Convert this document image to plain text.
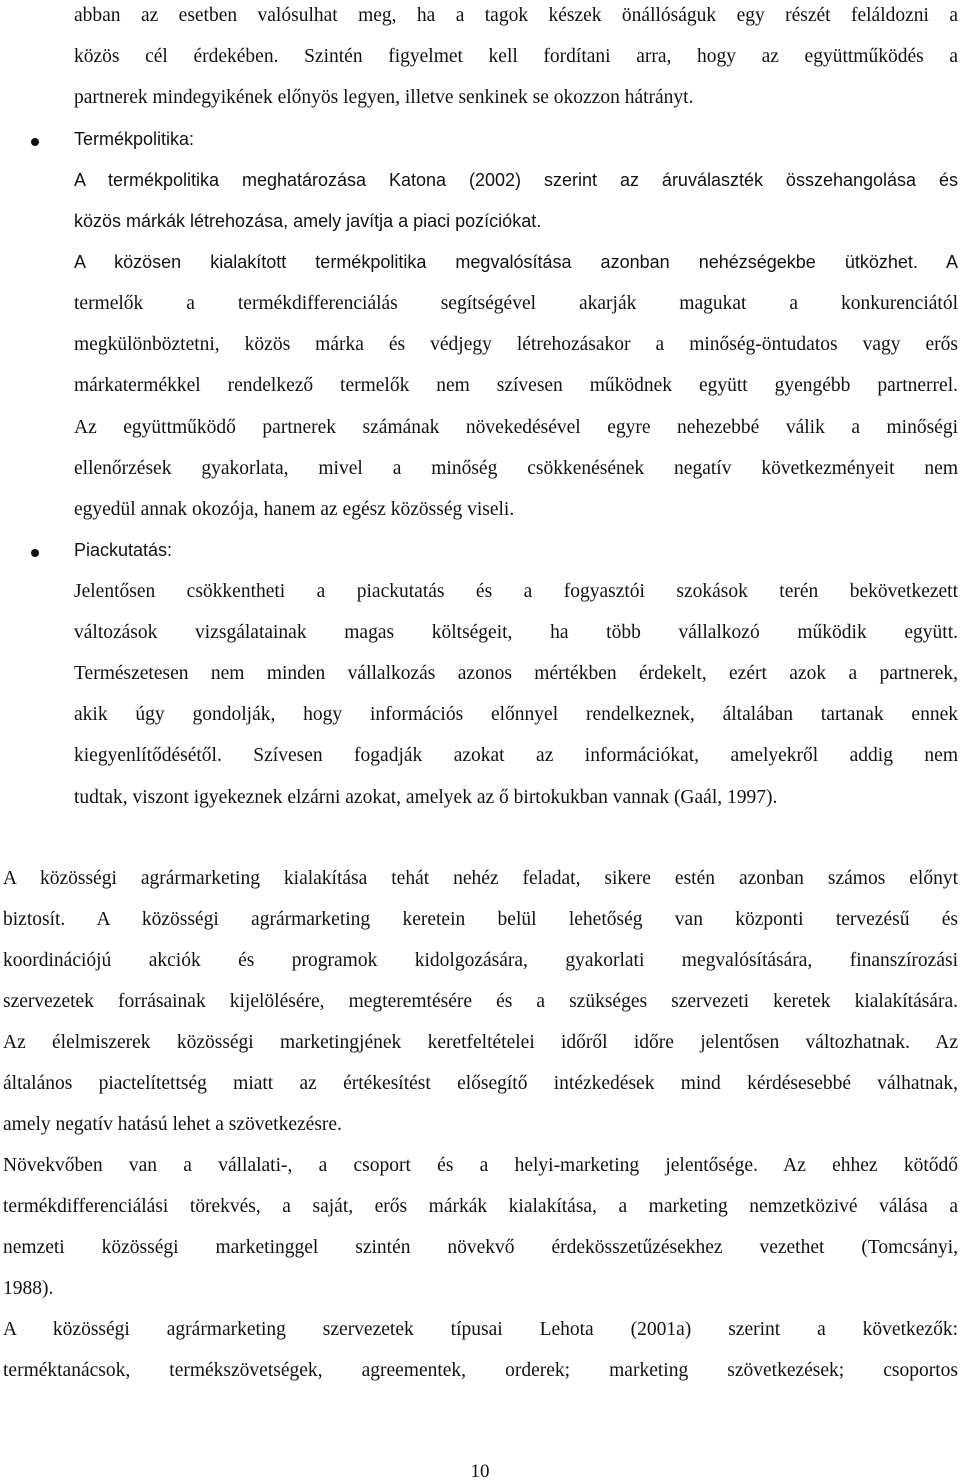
abban az esetben valósulhat meg, ha a tagok készek önállóságuk egy részét feláldozni a
közös cél érdekében. Szintén figyelmet kell fordítani arra, hogy az együttműködés a
partnerek mindegyikének előnyös legyen, illetve senkinek se okozzon hátrányt.
Termékpolitika:
A termékpolitika meghatározása Katona (2002) szerint az áruválaszték összehangolása és
közös márkák létrehozása, amely javítja a piaci pozíciókat.
A közösen kialakított termékpolitika megvalósítása azonban nehézségekbe ütközhet. A
termelők a termékdifferenciálás segítségével akarják magukat a konkurenciától
megkülönböztetni, közös márka és védjegy létrehozásakor a minőség-öntudatos vagy erős
márkatermékkel rendelkező termelők nem szívesen működnek együtt gyengébb partnerrel.
Az együttműködő partnerek számának növekedésével egyre nehezebbé válik a minőségi
ellenőrzések gyakorlata, mivel a minőség csökkenésének negatív következményeit nem
egyedül annak okozója, hanem az egész közösség viseli.
Piackutatás:
Jelentősen csökkentheti a piackutatás és a fogyasztói szokások terén bekövetkezett
változások vizsgálatainak magas költségeit, ha több vállalkozó működik együtt.
Természetesen nem minden vállalkozás azonos mértékben érdekelt, ezért azok a partnerek,
akik úgy gondolják, hogy információs előnnyel rendelkeznek, általában tartanak ennek
kiegyenlítődésétől. Szívesen fogadják azokat az információkat, amelyekről addig nem
tudtak, viszont igyekeznek elzárni azokat, amelyek az ő birtokukban vannak (Gaál, 1997).
A közösségi agrármarketing kialakítása tehát nehéz feladat, sikere estén azonban számos előnyt
biztosít. A közösségi agrármarketing keretein belül lehetőség van központi tervezésű és
koordinációjú akciók és programok kidolgozására, gyakorlati megvalósítására, finanszírozási
szervezetek forrásainak kijelölésére, megteremtésére és a szükséges szervezeti keretek kialakítására.
Az élelmiszerek közösségi marketingjének keretfeltételei időről időre jelentősen változhatnak. Az
általános piactelítettség miatt az értékesítést elősegítő intézkedések mind kérdésesebbé válhatnak,
amely negatív hatású lehet a szövetkezésre.
Növekvőben van a vállalati-, a csoport és a helyi-marketing jelentősége. Az ehhez kötődő
termékdifferenciálási törekvés, a saját, erős márkák kialakítása, a marketing nemzetközivé válása a
nemzeti közösségi marketinggel szintén növekvő érdekösszetűzésekhez vezethet (Tomcsányi,
1988).
A közösségi agrármarketing szervezetek típusai Lehota (2001a) szerint a következők:
terméktanácsok, termékszövetségek, agreementek, orderek; marketing szövetkezések; csoportos
10
